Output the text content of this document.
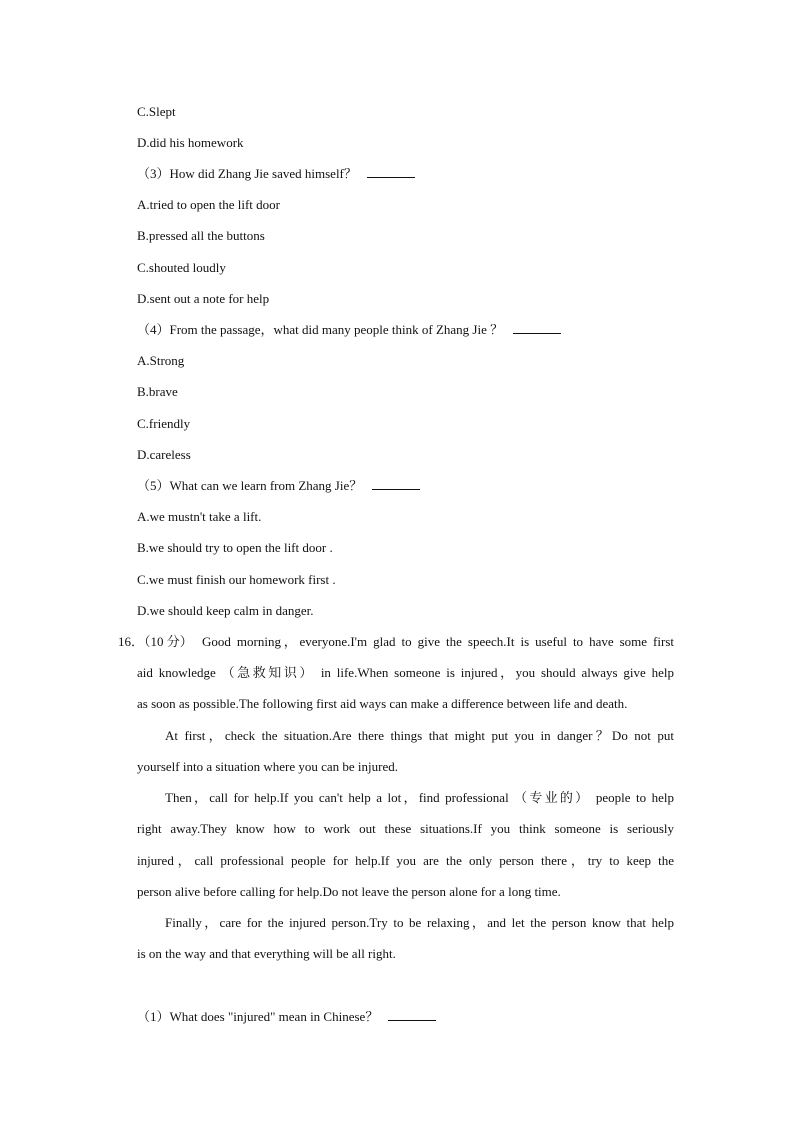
C.Slept
D.did his homework
（3）How did Zhang Jie saved himself？
A.tried to open the lift door
B.pressed all the buttons
C.shouted loudly
D.sent out a note for help
（4）From the passage，what did many people think of Zhang Jie ？
A.Strong
B.brave
C.friendly
D.careless
（5）What can we learn from Zhang Jie？
A.we mustn't take a lift.
B.we should try to open the lift door .
C.we must finish our homework first .
D.we should keep calm in danger.
16．（10 分） Good morning，everyone.I'm glad to give the speech.It is useful to have some first
aid knowledge （急救知识） in life.When someone is injured，you should always give help
as soon as possible.The following first aid ways can make a difference between life and death.
At first，check the situation.Are there things that might put you in danger？Do not put
yourself into a situation where you can be injured.
Then，call for help.If you can't help a lot，find professional （专业的） people to help
right away.They know how to work out these situations.If you think someone is seriously
injured，call professional people for help.If you are the only person there，try to keep the
person alive before calling for help.Do not leave the person alone for a long time.
Finally，care for the injured person.Try to be relaxing，and let the person know that help
is on the way and that everything will be all right.
（1）What does "injured" mean in Chinese？
